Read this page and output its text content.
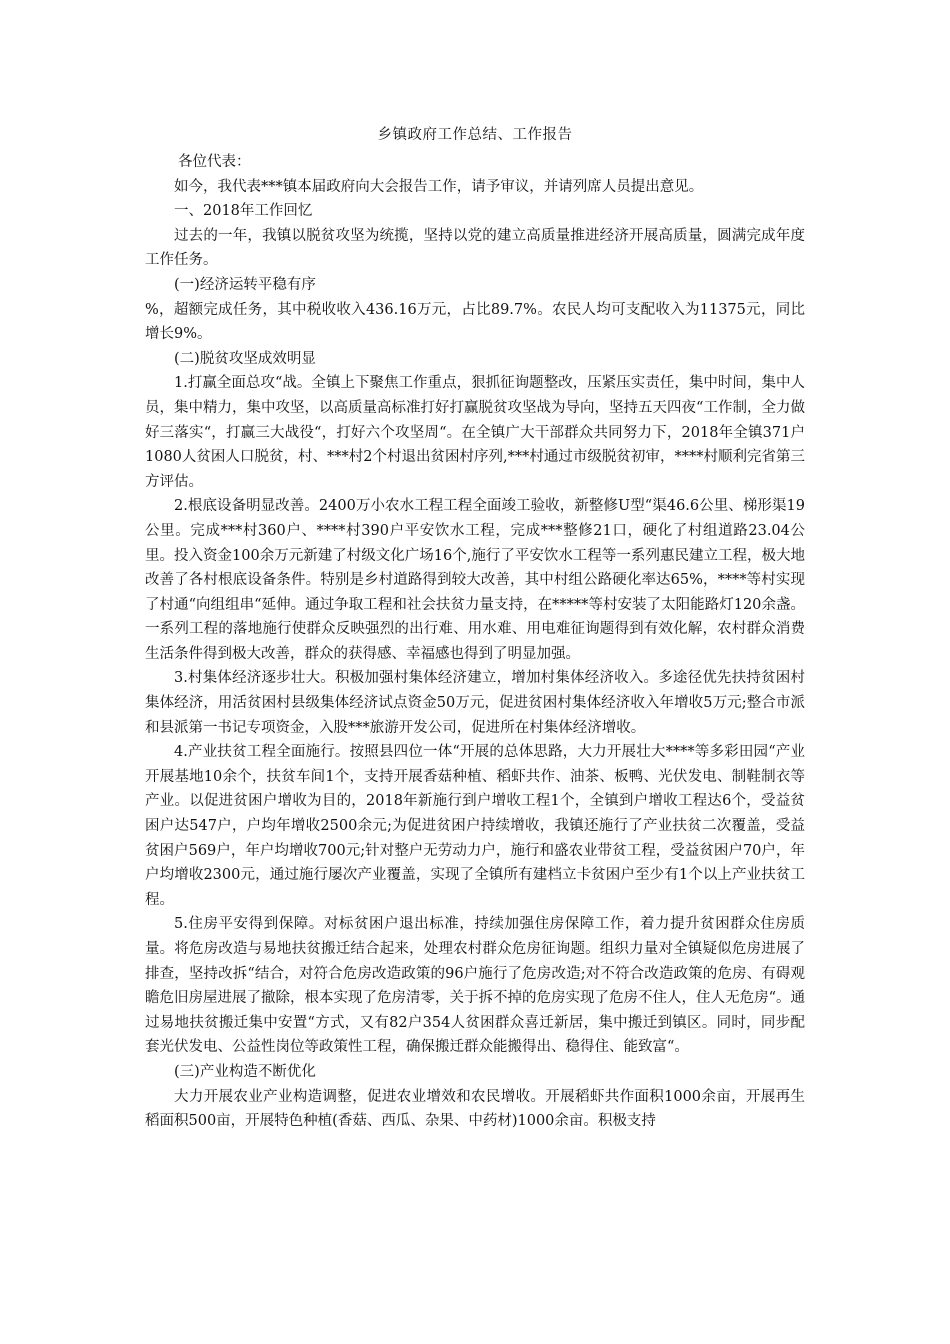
乡镇政府工作总结、工作报告

各位代表：

如今，我代表***镇本届政府向大会报告工作，请予审议，并请列席人员提出意见。

一、2018年工作回忆

过去的一年，我镇以脱贫攻坚为统揽，坚持以党的建立高质量推进经济开展高质量，圆满完成年度工作任务。

(一)经济运转平稳有序

%，超额完成任务，其中税收收入436.16万元，占比89.7%。农民人均可支配收入为11375元，同比增长9%。

(二)脱贫攻坚成效明显

1.打赢全面总攻“战。全镇上下聚焦工作重点，狠抓征询题整改，压紧压实责任，集中时间，集中人员，集中精力，集中攻坚，以高质量高标准打好打赢脱贫攻坚战为导向，坚持五天四夜“工作制，全力做好三落实“，打赢三大战役“，打好六个攻坚周“。在全镇广大干部群众共同努力下，2018年全镇371户1080人贫困人口脱贫，村、***村2个村退出贫困村序列,***村通过市级脱贫初审，****村顺利完省第三方评估。

2.根底设备明显改善。2400万小农水工程工程全面竣工验收，新整修U型“渠46.6公里、梯形渠19公里。完成***村360户、****村390户平安饮水工程，完成***整修21口，硬化了村组道路23.04公里。投入资金100余万元新建了村级文化广场16个,施行了平安饮水工程等一系列惠民建立工程，极大地改善了各村根底设备条件。特别是乡村道路得到较大改善，其中村组公路硬化率达65%，****等村实现了村通“向组组串“延伸。通过争取工程和社会扶贫力量支持，在*****等村安装了太阳能路灯120余盏。一系列工程的落地施行使群众反映强烈的出行难、用水难、用电难征询题得到有效化解，农村群众消费生活条件得到极大改善，群众的获得感、幸福感也得到了明显加强。

3.村集体经济逐步壮大。积极加强村集体经济建立，增加村集体经济收入。多途径优先扶持贫困村集体经济，用活贫困村县级集体经济试点资金50万元，促进贫困村集体经济收入年增收5万元;整合市派和县派第一书记专项资金，入股***旅游开发公司，促进所在村集体经济增收。

4.产业扶贫工程全面施行。按照县四位一体“开展的总体思路，大力开展壮大****等多彩田园“产业开展基地10余个，扶贫车间1个，支持开展香菇种植、稻虾共作、油茶、板鸭、光伏发电、制鞋制衣等产业。以促进贫困户增收为目的，2018年新施行到户增收工程1个，全镇到户增收工程达6个，受益贫困户达547户，户均年增收2500余元;为促进贫困户持续增收，我镇还施行了产业扶贫二次覆盖，受益贫困户569户，年户均增收700元;针对整户无劳动力户，施行和盛农业带贫工程，受益贫困户70户，年户均增收2300元，通过施行屡次产业覆盖，实现了全镇所有建档立卡贫困户至少有1个以上产业扶贫工程。

5.住房平安得到保障。对标贫困户退出标准，持续加强住房保障工作，着力提升贫困群众住房质量。将危房改造与易地扶贫搬迁结合起来，处理农村群众危房征询题。组织力量对全镇疑似危房进展了排查，坚持改拆“结合，对符合危房改造政策的96户施行了危房改造;对不符合改造政策的危房、有碍观瞻危旧房屋进展了撤除，根本实现了危房清零，关于拆不掉的危房实现了危房不住人，住人无危房“。通过易地扶贫搬迁集中安置“方式，又有82户354人贫困群众喜迁新居，集中搬迁到镇区。同时，同步配套光伏发电、公益性岗位等政策性工程，确保搬迁群众能搬得出、稳得住、能致富“。

(三)产业构造不断优化

大力开展农业产业构造调整，促进农业增效和农民增收。开展稻虾共作面积1000余亩，开展再生稻面积500亩，开展特色种植(香菇、西瓜、杂果、中药材)1000余亩。积极支持
